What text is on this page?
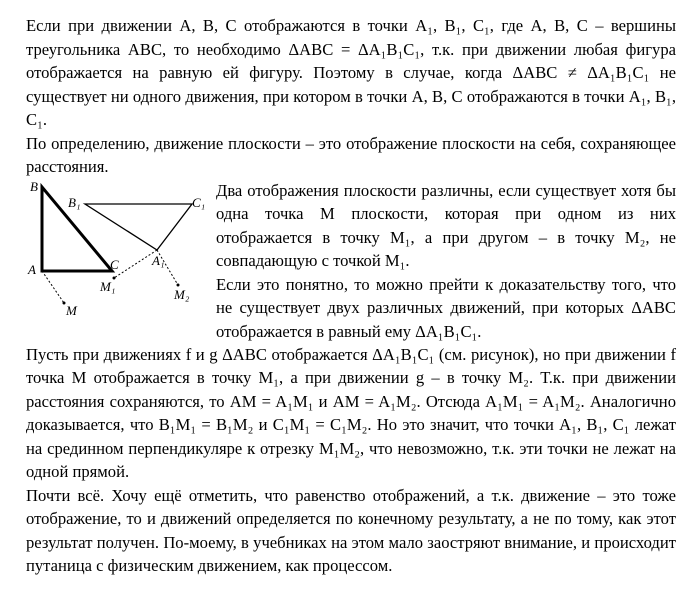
Если при движении A, B, C отображаются в точки A₁, B₁, C₁, где A, B, C – вершины треугольника ABC, то необходимо ΔABC = ΔA₁B₁C₁, т.к. при движении любая фигура отображается на равную ей фигуру. Поэтому в случае, когда ΔABC ≠ ΔA₁B₁C₁ не существует ни одного движения, при котором в точки A, B, C отображаются в точки A₁, B₁, C₁.

По определению, движение плоскости – это отображение плоскости на себя, сохраняющее расстояния.

B
A	C
M
B₁	C₁
A₁
M₁
M₂

Два отображения плоскости различны, если существует хотя бы одна точка M плоскости, которая при одном из них отображается в точку M₁, а при другом – в точку M₂, не совпадающую с точкой M₁.

Если это понятно, то можно прейти к доказательству того, что не существует двух различных движений, при которых ΔABC отображается в равный ему ΔA₁B₁C₁.

Пусть при движениях f и g ΔABC отображается ΔA₁B₁C₁ (см. рисунок), но при движении f точка M отображается в точку M₁, а при движении g – в точку M₂. Т.к. при движении расстояния сохраняются, то AM = A₁M₁ и AM = A₁M₂. Отсюда A₁M₁ = A₁M₂. Аналогично доказывается, что B₁M₁ = B₁M₂ и C₁M₁ = C₁M₂. Но это значит, что точки A₁, B₁, C₁ лежат на срединном перпендикуляре к отрезку M₁M₂, что невозможно, т.к. эти точки не лежат на одной прямой.

Почти всё. Хочу ещё отметить, что равенство отображений, а т.к. движение – это тоже отображение, то и движений определяется по конечному результату, а не по тому, как этот результат получен. По-моему, в учебниках на этом мало заостряют внимание, и происходит путаница с физическим движением, как процессом.
